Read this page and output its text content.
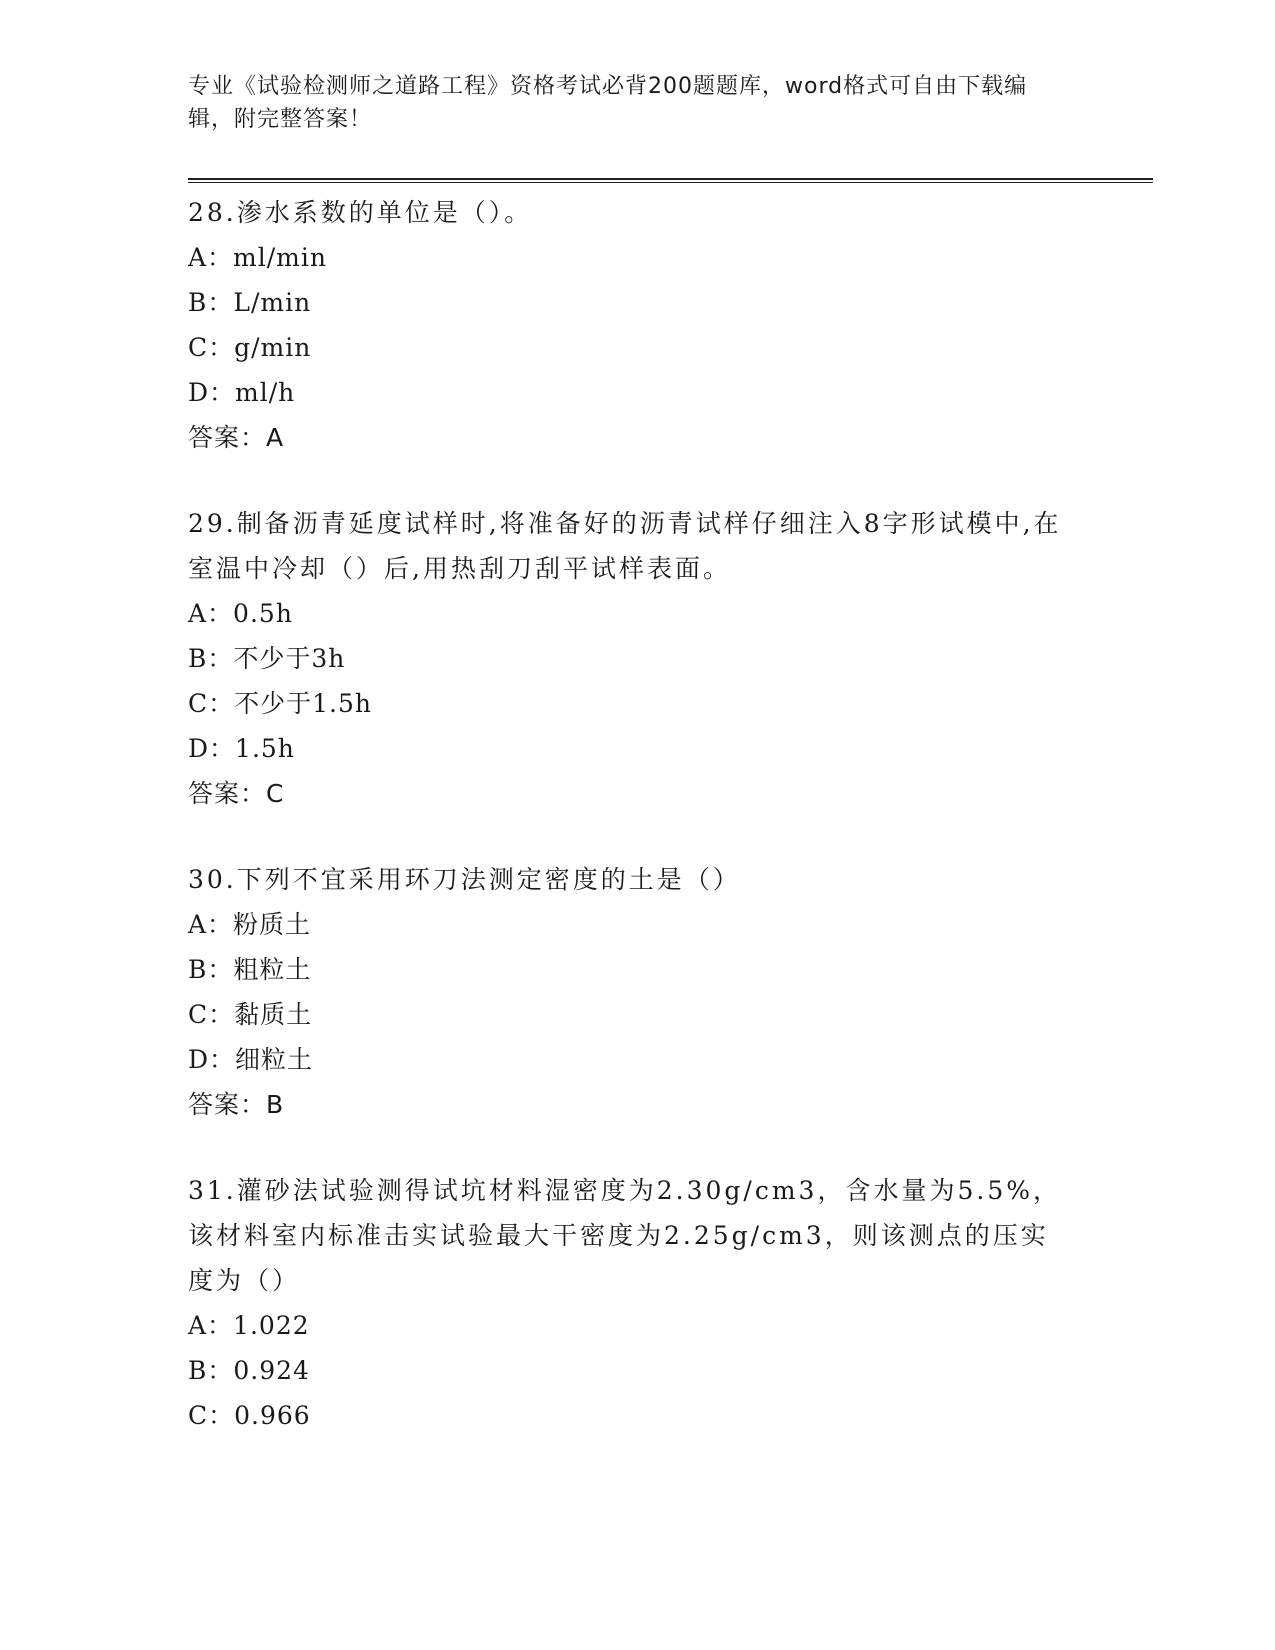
专业《试验检测师之道路工程》资格考试必背200题题库，word格式可自由下载编辑，附完整答案！

28.渗水系数的单位是（）。

A：ml/min
B：L/min
C：g/min
D：ml/h
答案：A

29.制备沥青延度试样时,将准备好的沥青试样仔细注入8字形试模中,在室温中冷却（）后,用热刮刀刮平试样表面。

A：0.5h
B：不少于3h
C：不少于1.5h
D：1.5h
答案：C

30.下列不宜采用环刀法测定密度的土是（）

A：粉质土
B：粗粒土
C：黏质土
D：细粒土
答案：B

31.灌砂法试验测得试坑材料湿密度为2.30g/cm3，含水量为5.5%，该材料室内标准击实试验最大干密度为2.25g/cm3，则该测点的压实度为（）

A：1.022
B：0.924
C：0.966
